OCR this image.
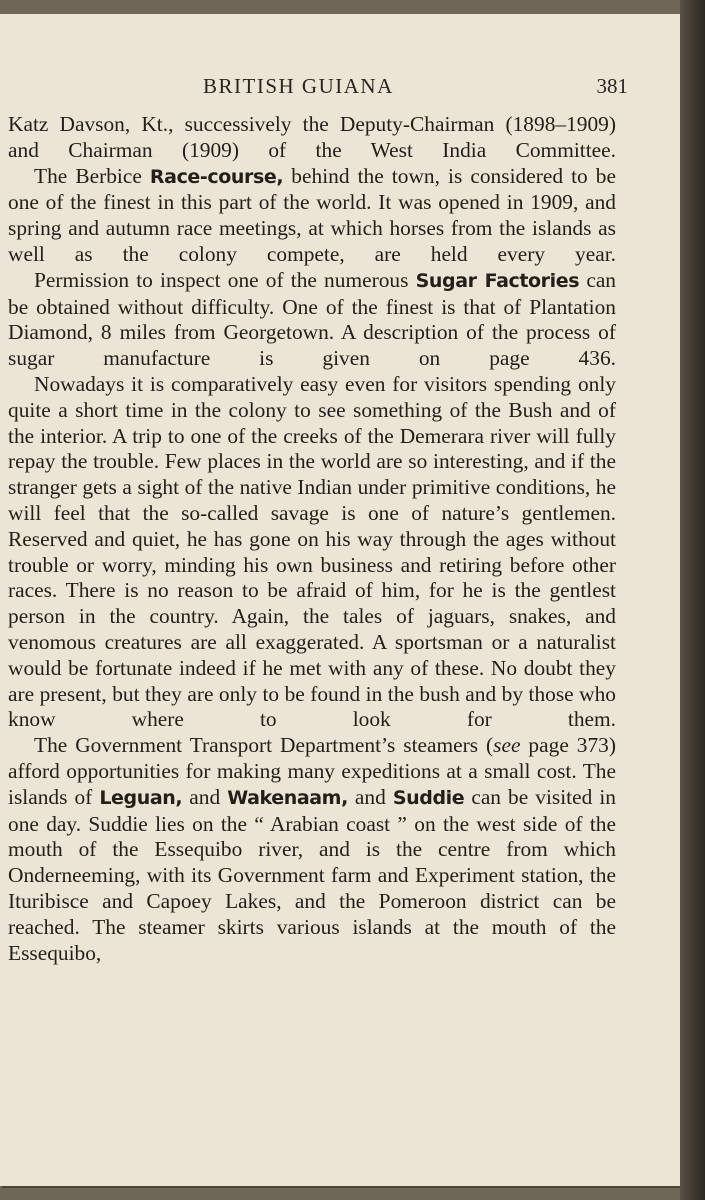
BRITISH GUIANA	381

Katz Davson, Kt., successively the Deputy-Chairman (1898–1909) and Chairman (1909) of the West India Committee.

The Berbice Race-course, behind the town, is considered to be one of the finest in this part of the world. It was opened in 1909, and spring and autumn race meetings, at which horses from the islands as well as the colony compete, are held every year.

Permission to inspect one of the numerous Sugar Factories can be obtained without difficulty. One of the finest is that of Plantation Diamond, 8 miles from Georgetown. A description of the process of sugar manufacture is given on page 436.

Nowadays it is comparatively easy even for visitors spending only quite a short time in the colony to see something of the Bush and of the interior. A trip to one of the creeks of the Demerara river will fully repay the trouble. Few places in the world are so interesting, and if the stranger gets a sight of the native Indian under primitive conditions, he will feel that the so-called savage is one of nature’s gentlemen. Reserved and quiet, he has gone on his way through the ages without trouble or worry, minding his own business and retiring before other races. There is no reason to be afraid of him, for he is the gentlest person in the country. Again, the tales of jaguars, snakes, and venomous creatures are all exaggerated. A sportsman or a naturalist would be fortunate indeed if he met with any of these. No doubt they are present, but they are only to be found in the bush and by those who know where to look for them.

The Government Transport Department’s steamers (see page 373) afford opportunities for making many expeditions at a small cost. The islands of Leguan, and Wakenaam, and Suddie can be visited in one day. Suddie lies on the “ Arabian coast ” on the west side of the mouth of the Essequibo river, and is the centre from which Onderneeming, with its Government farm and Experiment station, the Ituribisce and Capoey Lakes, and the Pomeroon district can be reached. The steamer skirts various islands at the mouth of the Essequibo,
